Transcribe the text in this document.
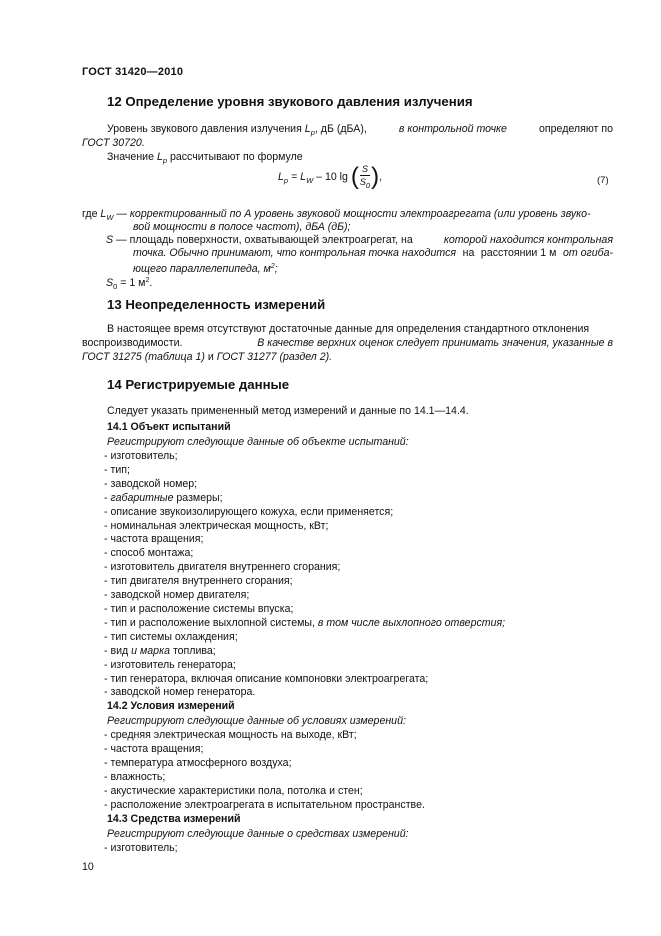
ГОСТ 31420—2010
12 Определение уровня звукового давления излучения
Уровень звукового давления излучения $L_p$, дБ (дБА),	в контрольной точке	определяют по
ГОСТ 30720.
Значение $L_p$ рассчитывают по формуле
$L_p = L_W - 10$ lg ( $\frac{S}{S_0}$ ),	(7)
где $L_W$ — корректированный по А уровень звуковой мощности электроагрегата (или уровень звуко-
вой мощности в полосе частот), дБА (дБ);
S — площадь поверхности, охватывающей электроагрегат, на	которой находится контрольная
точка. Обычно принимают, что контрольная точка находится на расстоянии 1 м от огиба-
ющего параллелепипеда, $м^2$;
$S_0 = 1$ $м^2$.
13 Неопределенность измерений
В настоящее время отсутствуют достаточные данные для определения стандартного отклонения
воспроизводимости.	В качестве верхних оценок следует принимать значения, указанные в
ГОСТ 31275 (таблица 1) и ГОСТ 31277 (раздел 2).
14 Регистрируемые данные
Следует указать примененный метод измерений и данные по 14.1—14.4.
14.1 Объект испытаний
Регистрируют следующие данные об объекте испытаний:
- изготовитель;
- тип;
- заводской номер;
- габаритные размеры;
- описание звукоизолирующего кожуха, если применяется;
- номинальная электрическая мощность, кВт;
- частота вращения;
- способ монтажа;
- изготовитель двигателя внутреннего сгорания;
- тип двигателя внутреннего сгорания;
- заводской номер двигателя;
- тип и расположение системы впуска;
- тип и расположение выхлопной системы, в том числе выхлопного отверстия;
- тип системы охлаждения;
- вид и марка топлива;
- изготовитель генератора;
- тип генератора, включая описание компоновки электроагрегата;
- заводской номер генератора.
14.2 Условия измерений
Регистрируют следующие данные об условиях измерений:
- средняя электрическая мощность на выходе, кВт;
- частота вращения;
- температура атмосферного воздуха;
- влажность;
- акустические характеристики пола, потолка и стен;
- расположение электроагрегата в испытательном пространстве.
14.3 Средства измерений
Регистрируют следующие данные о средствах измерений:
- изготовитель;
10
